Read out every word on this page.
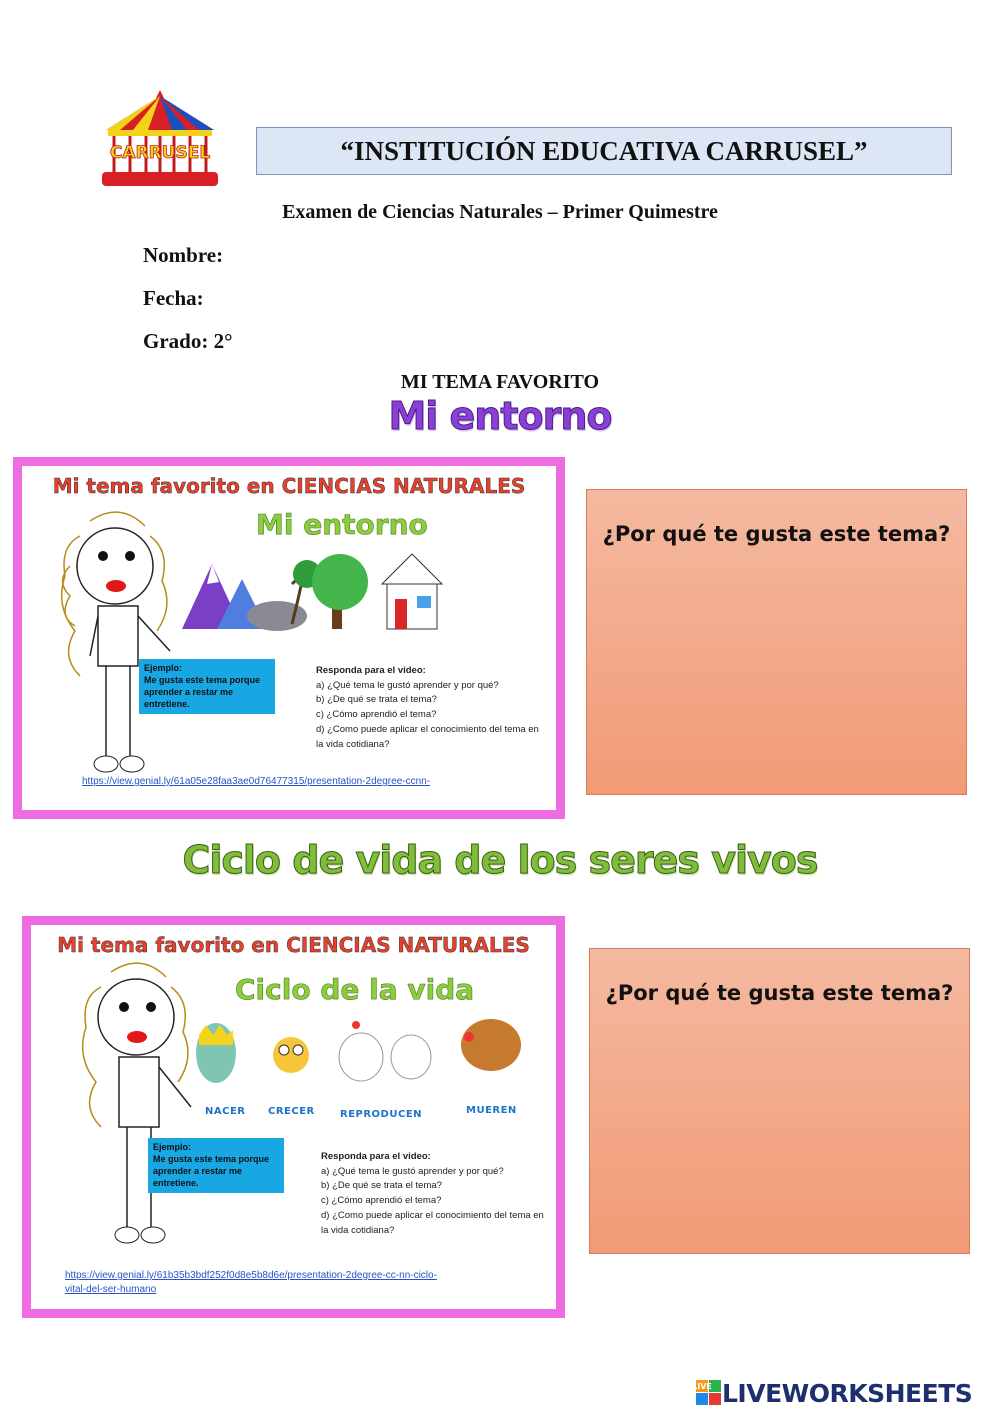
CARRUSEL	“INSTITUCIÓN EDUCATIVA CARRUSEL”
Examen de Ciencias Naturales – Primer Quimestre
Nombre:
Fecha:
Grado: 2°
MI TEMA FAVORITO
Mi entorno
Mi tema favorito en CIENCIAS NATURALES
Mi entorno
Ejemplo:
Me gusta este tema porque aprender a restar me entretiene.
Responda para el video:
a) ¿Qué tema le gustó aprender y por qué?
b) ¿De qué se trata el tema?
c) ¿Cómo aprendió el tema?
d) ¿Como puede aplicar el conocimiento del tema en la vida cotidiana?
https://view.genial.ly/61a05e28faa3ae0d76477315/presentation-2degree-ccnn-
¿Por qué te gusta este tema?
Ciclo de vida de los seres vivos
Mi tema favorito en CIENCIAS NATURALES
Ciclo de la vida
NACER CRECER	REPRODUCEN	MUEREN
Ejemplo:
Me gusta este tema porque aprender a restar me entretiene.
Responda para el video:
a) ¿Qué tema le gustó aprender y por qué?
b) ¿De qué se trata el tema?
c) ¿Cómo aprendió el tema?
d) ¿Como puede aplicar el conocimiento del tema en la vida cotidiana?
https://view.genial.ly/61b35b3bdf252f0d8e5b8d6e/presentation-2degree-cc-nn-ciclo-vital-del-ser-humano
¿Por qué te gusta este tema?
LIVE LIVEWORKSHEETS
